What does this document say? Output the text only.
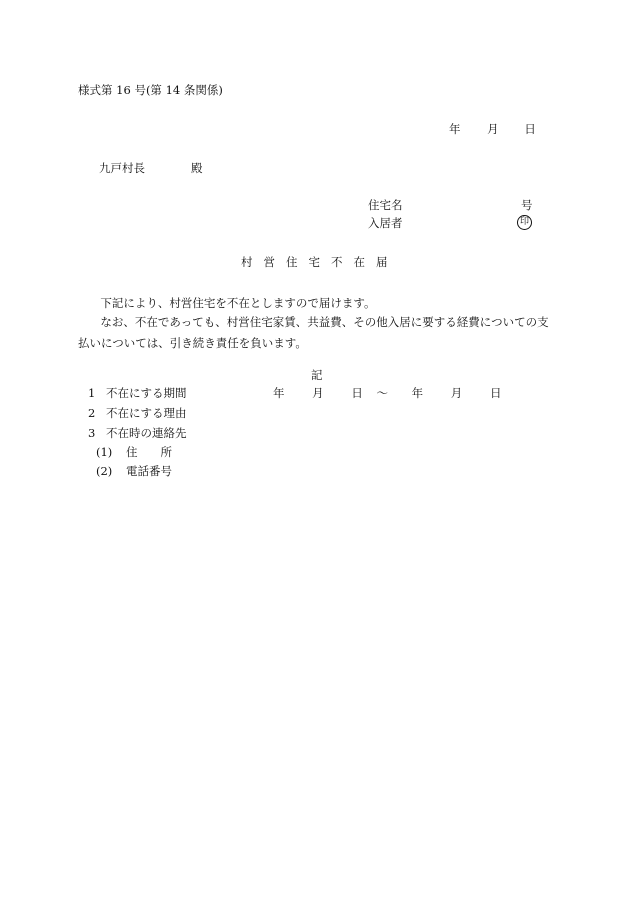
様式第 16 号(第 14 条関係)
年 月 日
九戸村長	殿
住宅名	号
入居者	印
村営住宅不在届

下記により、村営住宅を不在としますので届けます。

なお、不在であっても、村営住宅家賃、共益費、その他入居に要する経費についての支払いについては、引き続き責任を負います。

記
1 不在にする期間	年 月 日 〜 年 月 日
2 不在にする理由
3 不在時の連絡先
(1) 住　　所
(2) 電話番号
